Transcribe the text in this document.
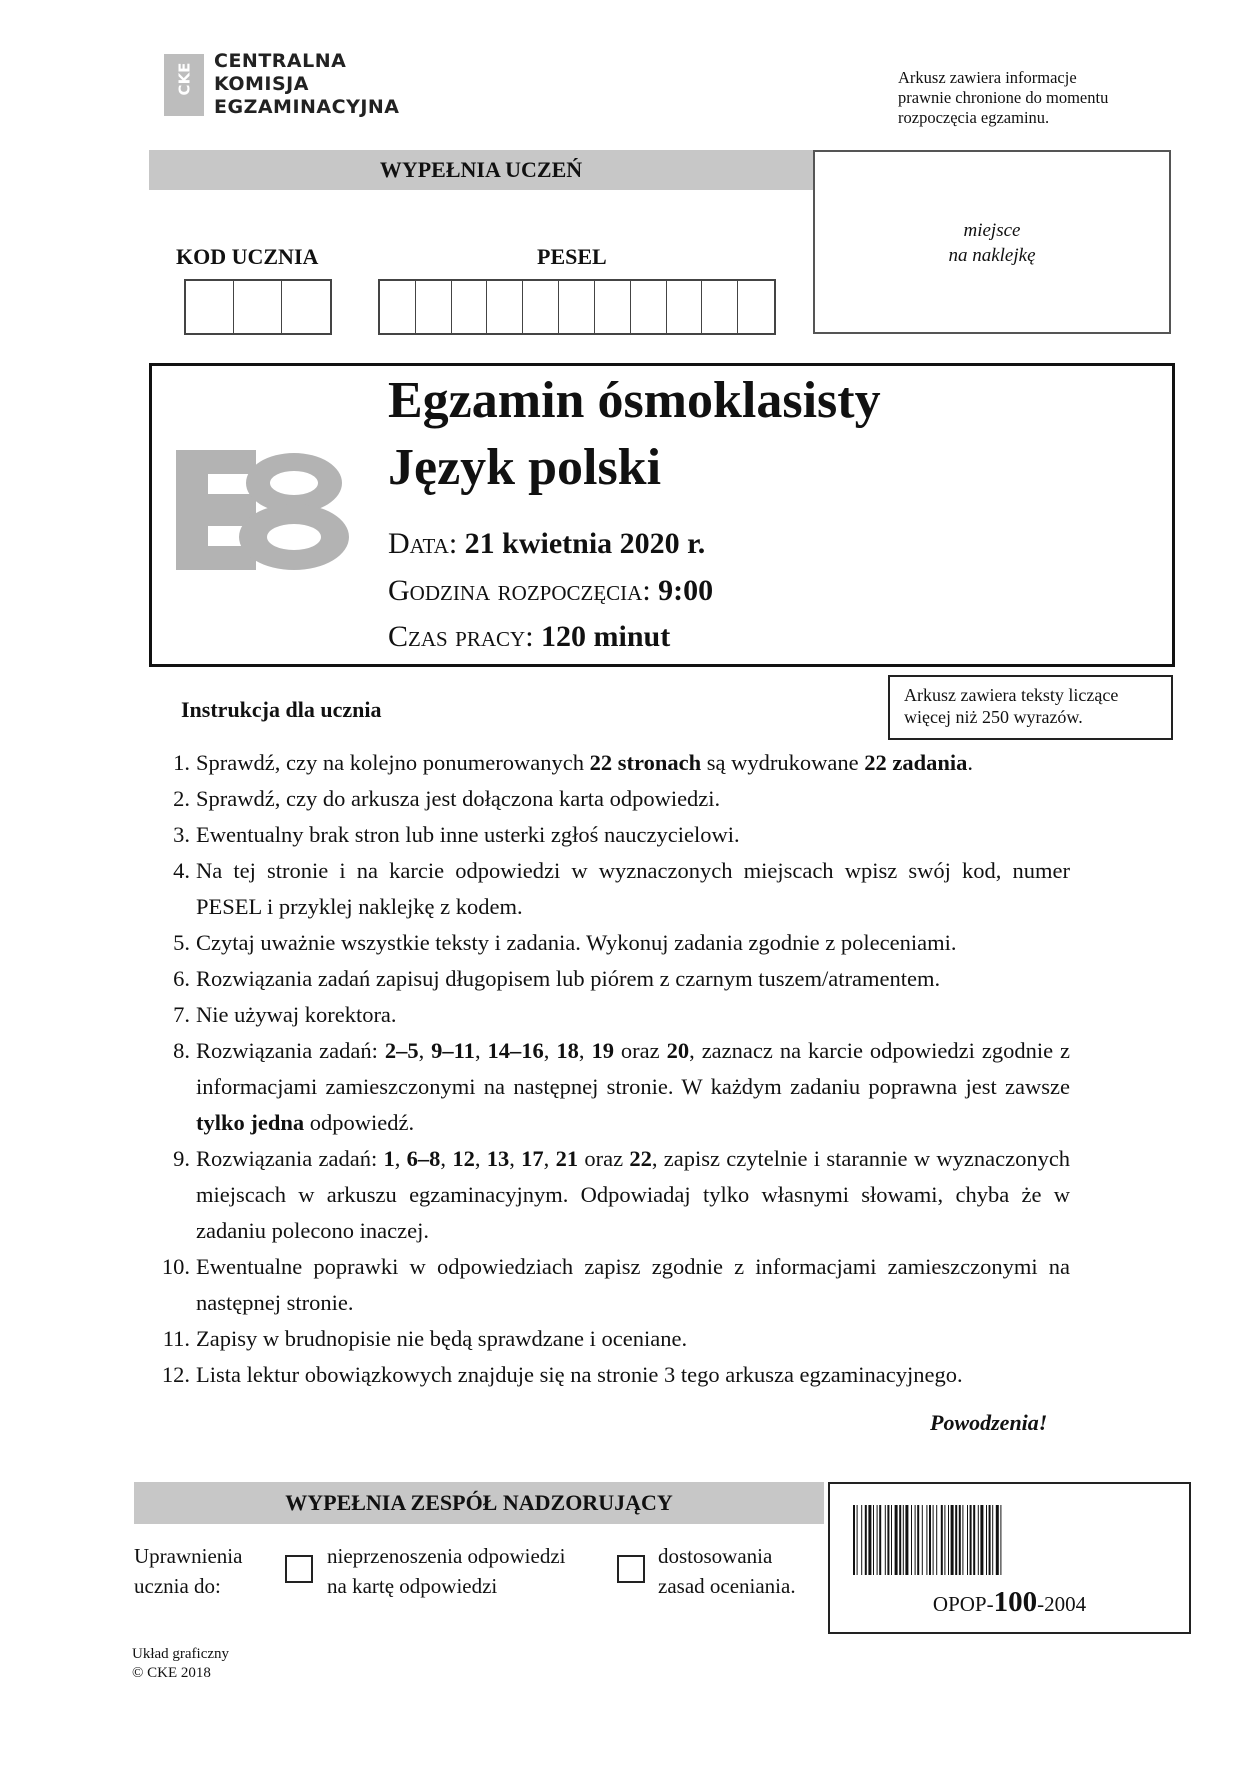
CKE
CENTRALNA
KOMISJA
EGZAMINACYJNA
Arkusz zawiera informacje
prawnie chronione do momentu
rozpoczęcia egzaminu.
WYPEŁNIA UCZEŃ
miejsce
na naklejkę
KOD UCZNIA	PESEL
E8
Egzamin ósmoklasisty
Język polski
Data: 21 kwietnia 2020 r.
Godzina rozpoczęcia: 9:00
Czas pracy: 120 minut
Arkusz zawiera teksty liczące
więcej niż 250 wyrazów.
Instrukcja dla ucznia
1. Sprawdź, czy na kolejno ponumerowanych 22 stronach są wydrukowane 22 zadania.

2. Sprawdź, czy do arkusza jest dołączona karta odpowiedzi.

3. Ewentualny brak stron lub inne usterki zgłoś nauczycielowi.

4. Na tej stronie i na karcie odpowiedzi w wyznaczonych miejscach wpisz swój kod, numer PESEL i przyklej naklejkę z kodem.

5. Czytaj uważnie wszystkie teksty i zadania. Wykonuj zadania zgodnie z poleceniami.

6. Rozwiązania zadań zapisuj długopisem lub piórem z czarnym tuszem/atramentem.

7. Nie używaj korektora.

8. Rozwiązania zadań: 2–5, 9–11, 14–16, 18, 19 oraz 20, zaznacz na karcie odpowiedzi zgodnie z informacjami zamieszczonymi na następnej stronie. W każdym zadaniu poprawna jest zawsze tylko jedna odpowiedź.

9. Rozwiązania zadań: 1, 6–8, 12, 13, 17, 21 oraz 22, zapisz czytelnie i starannie w wyznaczonych miejscach w arkuszu egzaminacyjnym. Odpowiadaj tylko własnymi słowami, chyba że w zadaniu polecono inaczej.

10. Ewentualne poprawki w odpowiedziach zapisz zgodnie z informacjami zamieszczonymi na następnej stronie.

11. Zapisy w brudnopisie nie będą sprawdzane i oceniane.

12. Lista lektur obowiązkowych znajduje się na stronie 3 tego arkusza egzaminacyjnego.

Powodzenia!
WYPEŁNIA ZESPÓŁ NADZORUJĄCY
Uprawnienia
ucznia do:
nieprzenoszenia odpowiedzi
na kartę odpowiedzi
dostosowania
zasad oceniania.
OPOP-100-2004
Układ graficzny
© CKE 2018
